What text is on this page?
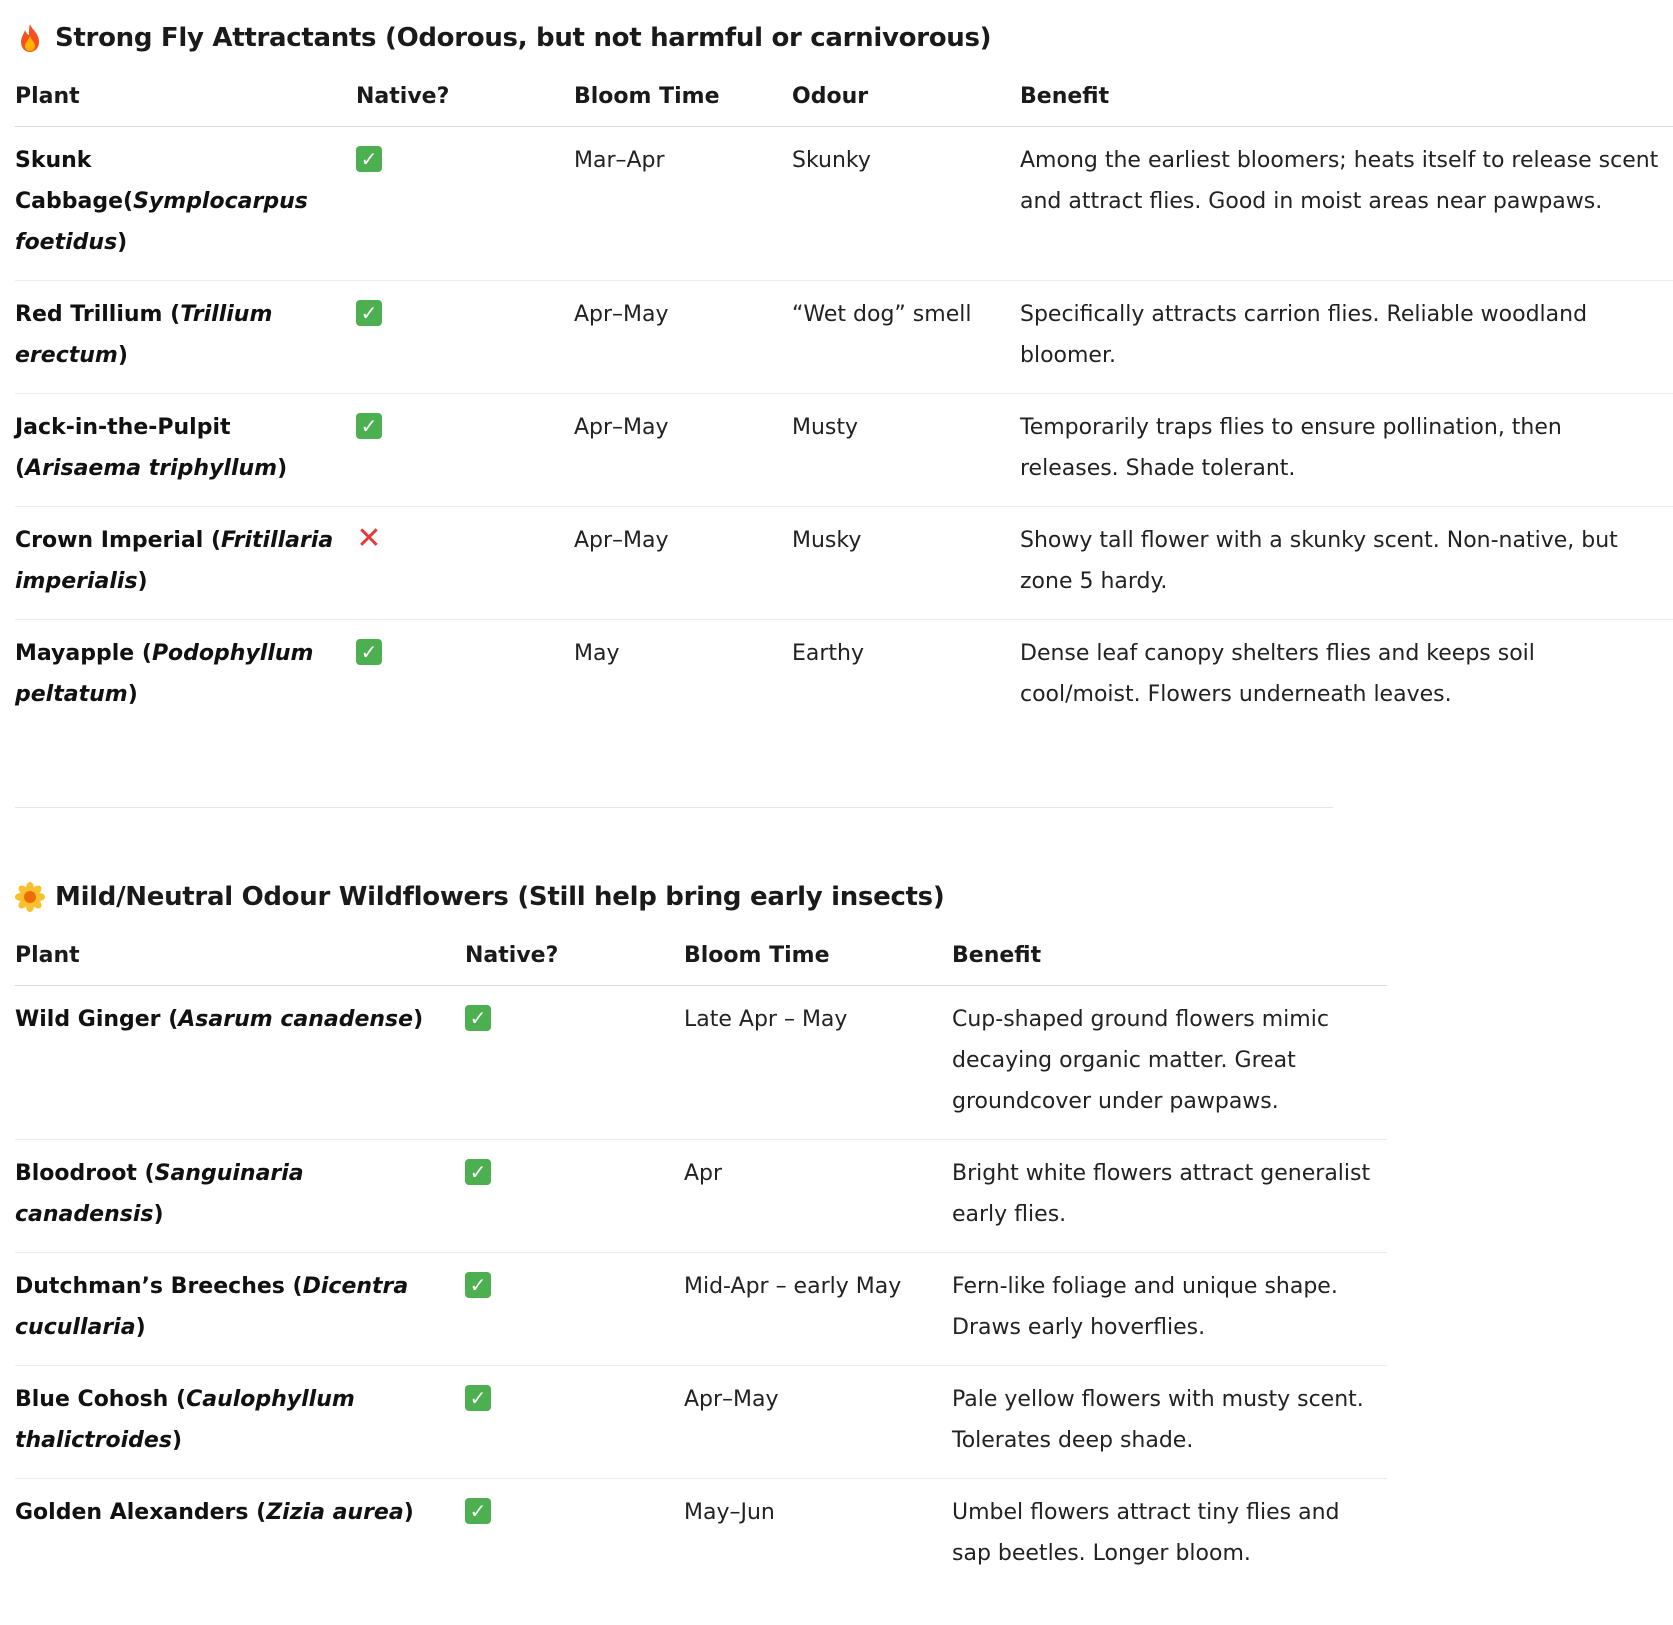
Strong Fly Attractants (Odorous, but not harmful or carnivorous)
Plant	Native?	Bloom Time	Odour	Benefit
Skunk Cabbage(Symplocarpus foetidus)	✓	Mar–Apr	Skunky	Among the earliest bloomers; heats itself to release scent and attract flies. Good in moist areas near pawpaws.
Red Trillium (Trillium erectum)	✓	Apr–May	“Wet dog” smell	Specifically attracts carrion flies. Reliable woodland bloomer.
Jack-in-the-Pulpit (Arisaema triphyllum)	✓	Apr–May	Musty	Temporarily traps flies to ensure pollination, then releases. Shade tolerant.
Crown Imperial (Fritillaria imperialis)	✕	Apr–May	Musky	Showy tall flower with a skunky scent. Non-native, but zone 5 hardy.
Mayapple (Podophyllum peltatum)	✓	May	Earthy	Dense leaf canopy shelters flies and keeps soil cool/moist. Flowers underneath leaves.
Mild/Neutral Odour Wildflowers (Still help bring early insects)
Plant	Native?	Bloom Time	Benefit
Wild Ginger (Asarum canadense)	✓	Late Apr – May	Cup-shaped ground flowers mimic decaying organic matter. Great groundcover under pawpaws.
Bloodroot (Sanguinaria canadensis)	✓	Apr	Bright white flowers attract generalist early flies.
Dutchman’s Breeches (Dicentra cucullaria)	✓	Mid-Apr – early May	Fern-like foliage and unique shape. Draws early hoverflies.
Blue Cohosh (Caulophyllum thalictroides)	✓	Apr–May	Pale yellow flowers with musty scent. Tolerates deep shade.
Golden Alexanders (Zizia aurea)	✓	May–Jun	Umbel flowers attract tiny flies and sap beetles. Longer bloom.
